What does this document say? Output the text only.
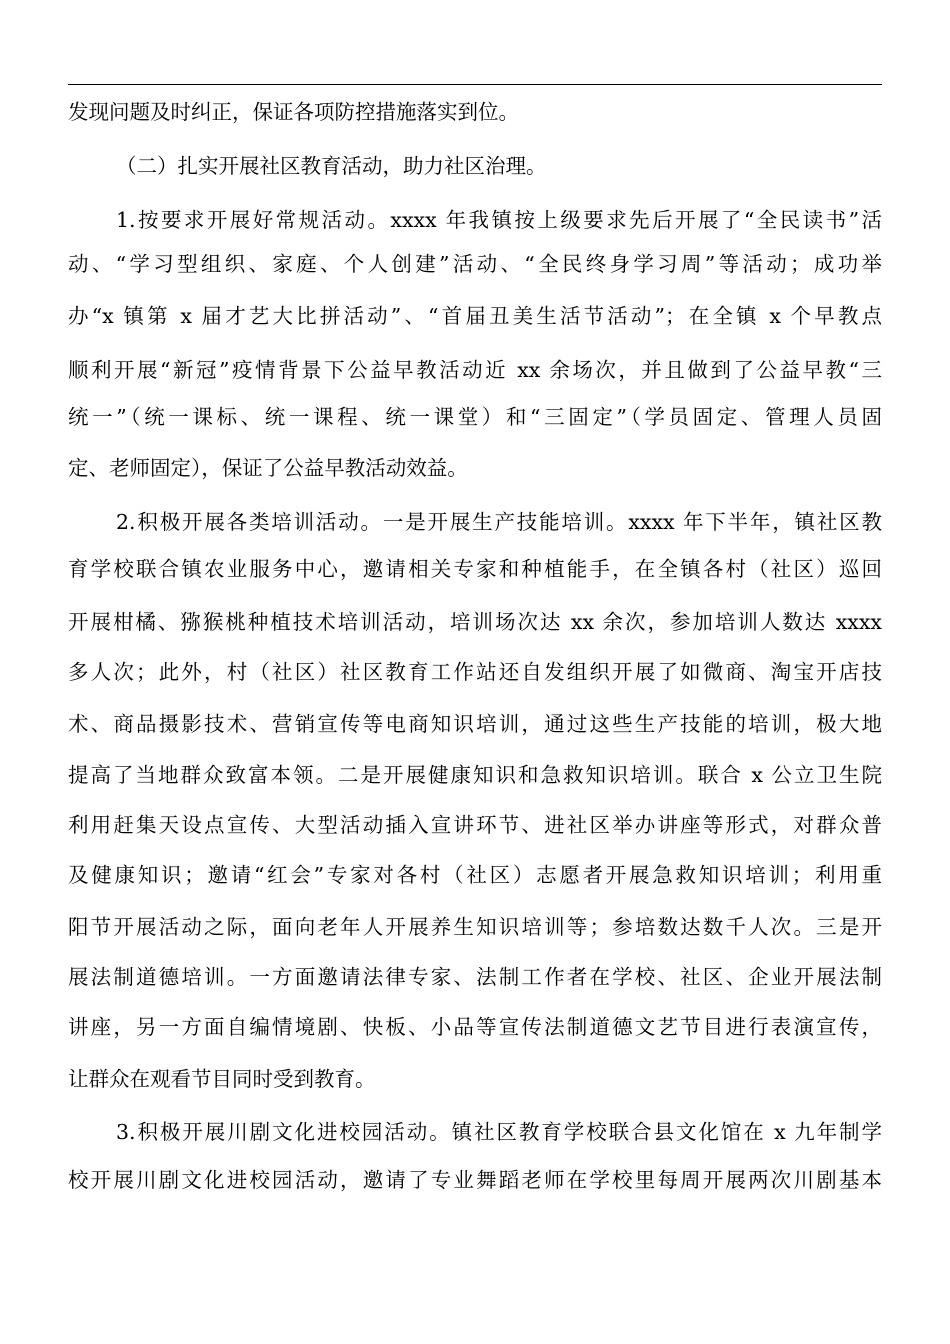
发现问题及时纠正，保证各项防控措施落实到位。
（二）扎实开展社区教育活动，助力社区治理。
1.按要求开展好常规活动。xxxx 年我镇按上级要求先后开展了“全民读书”活
动、“学习型组织、家庭、个人创建”活动、“全民终身学习周”等活动；成功举
办“x 镇第 x 届才艺大比拼活动”、“首届丑美生活节活动”；在全镇 x 个早教点
顺利开展“新冠”疫情背景下公益早教活动近 xx 余场次，并且做到了公益早教“三
统一”（统一课标、统一课程、统一课堂）和“三固定”（学员固定、管理人员固
定、老师固定），保证了公益早教活动效益。
2.积极开展各类培训活动。一是开展生产技能培训。xxxx 年下半年，镇社区教
育学校联合镇农业服务中心，邀请相关专家和种植能手，在全镇各村（社区）巡回
开展柑橘、猕猴桃种植技术培训活动，培训场次达 xx 余次，参加培训人数达 xxxx
多人次；此外，村（社区）社区教育工作站还自发组织开展了如微商、淘宝开店技
术、商品摄影技术、营销宣传等电商知识培训，通过这些生产技能的培训，极大地
提高了当地群众致富本领。二是开展健康知识和急救知识培训。联合 x 公立卫生院
利用赶集天设点宣传、大型活动插入宣讲环节、进社区举办讲座等形式，对群众普
及健康知识；邀请“红会”专家对各村（社区）志愿者开展急救知识培训；利用重
阳节开展活动之际，面向老年人开展养生知识培训等；参培数达数千人次。三是开
展法制道德培训。一方面邀请法律专家、法制工作者在学校、社区、企业开展法制
讲座，另一方面自编情境剧、快板、小品等宣传法制道德文艺节目进行表演宣传，
让群众在观看节目同时受到教育。
3.积极开展川剧文化进校园活动。镇社区教育学校联合县文化馆在 x 九年制学
校开展川剧文化进校园活动，邀请了专业舞蹈老师在学校里每周开展两次川剧基本
